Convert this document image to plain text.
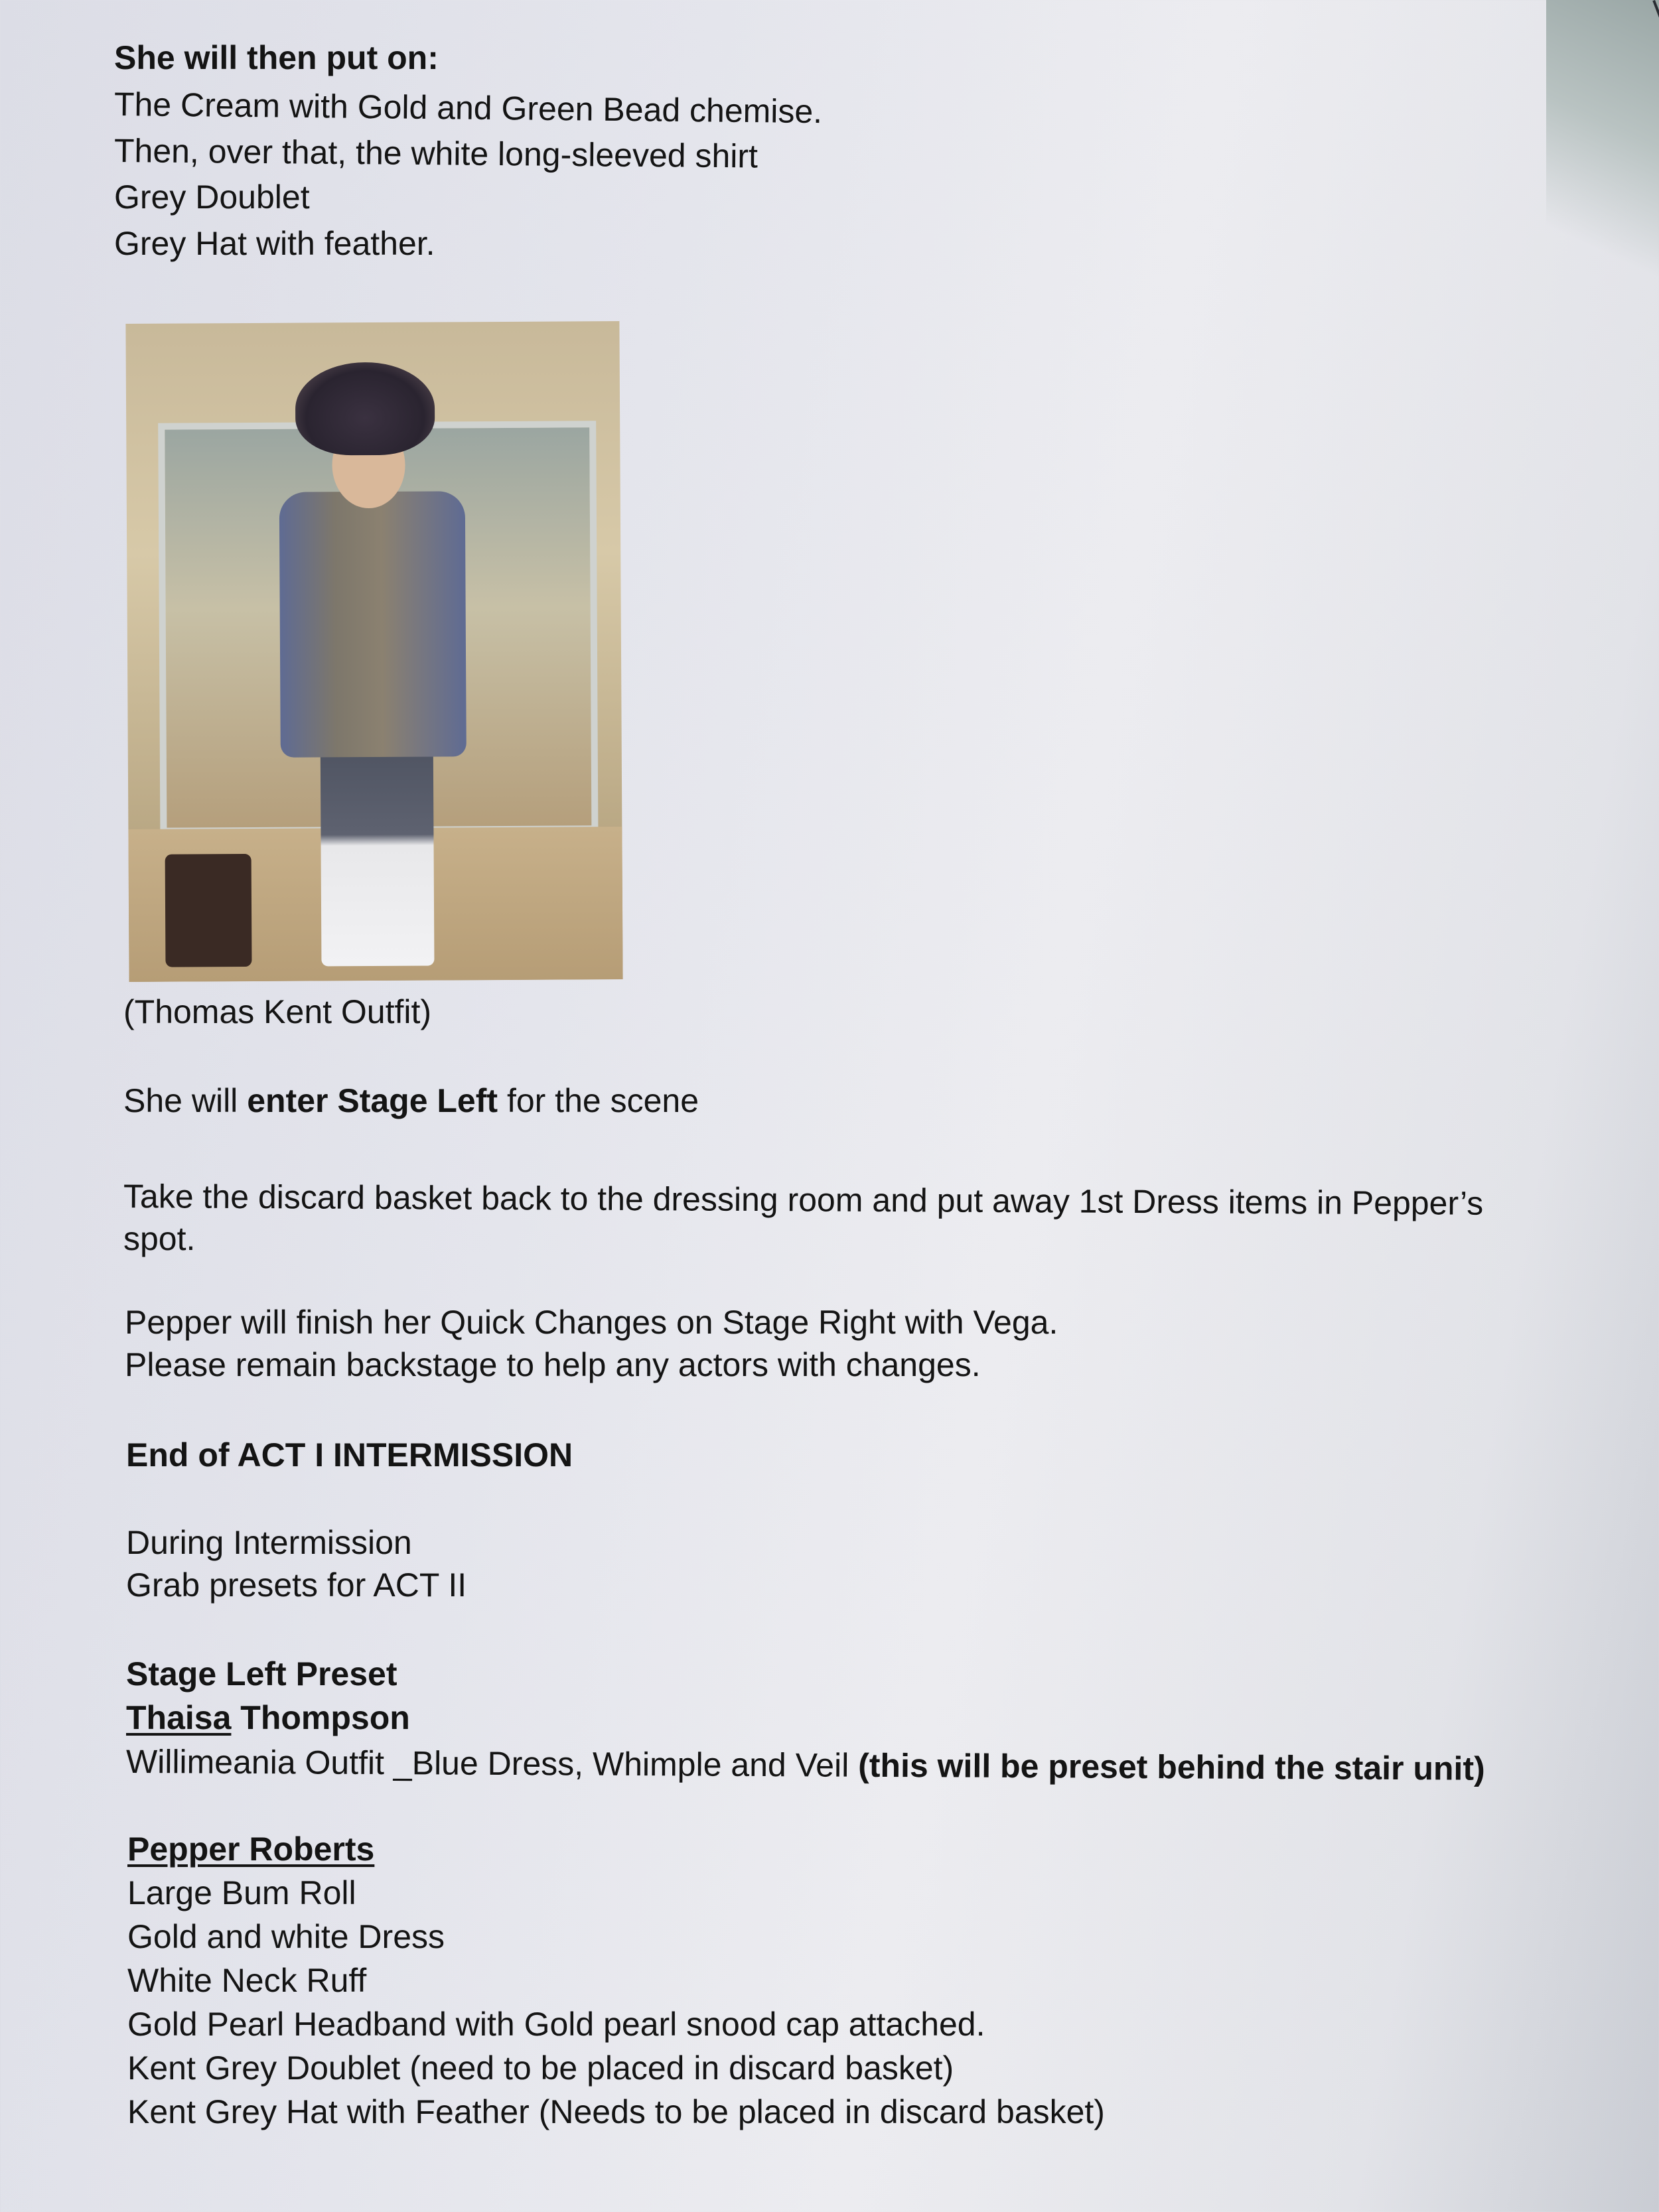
She will then put on:
The Cream with Gold and Green Bead chemise.
Then, over that, the white long-sleeved shirt
Grey Doublet
Grey Hat with feather.
(Thomas Kent Outfit)
She will enter Stage Left for the scene
Take the discard basket back to the dressing room and put away 1st Dress items in Pepper’s
spot.
Pepper will finish her Quick Changes on Stage Right with Vega.
Please remain backstage to help any actors with changes.
End of ACT I INTERMISSION
During Intermission
Grab presets for ACT II
Stage Left Preset
Thaisa Thompson
Willimeania Outfit _Blue Dress, Whimple and Veil (this will be preset behind the stair unit)
Pepper Roberts
Large Bum Roll
Gold and white Dress
White Neck Ruff
Gold Pearl Headband with Gold pearl snood cap attached.
Kent Grey Doublet (need to be placed in discard basket)
Kent Grey Hat with Feather (Needs to be placed in discard basket)
